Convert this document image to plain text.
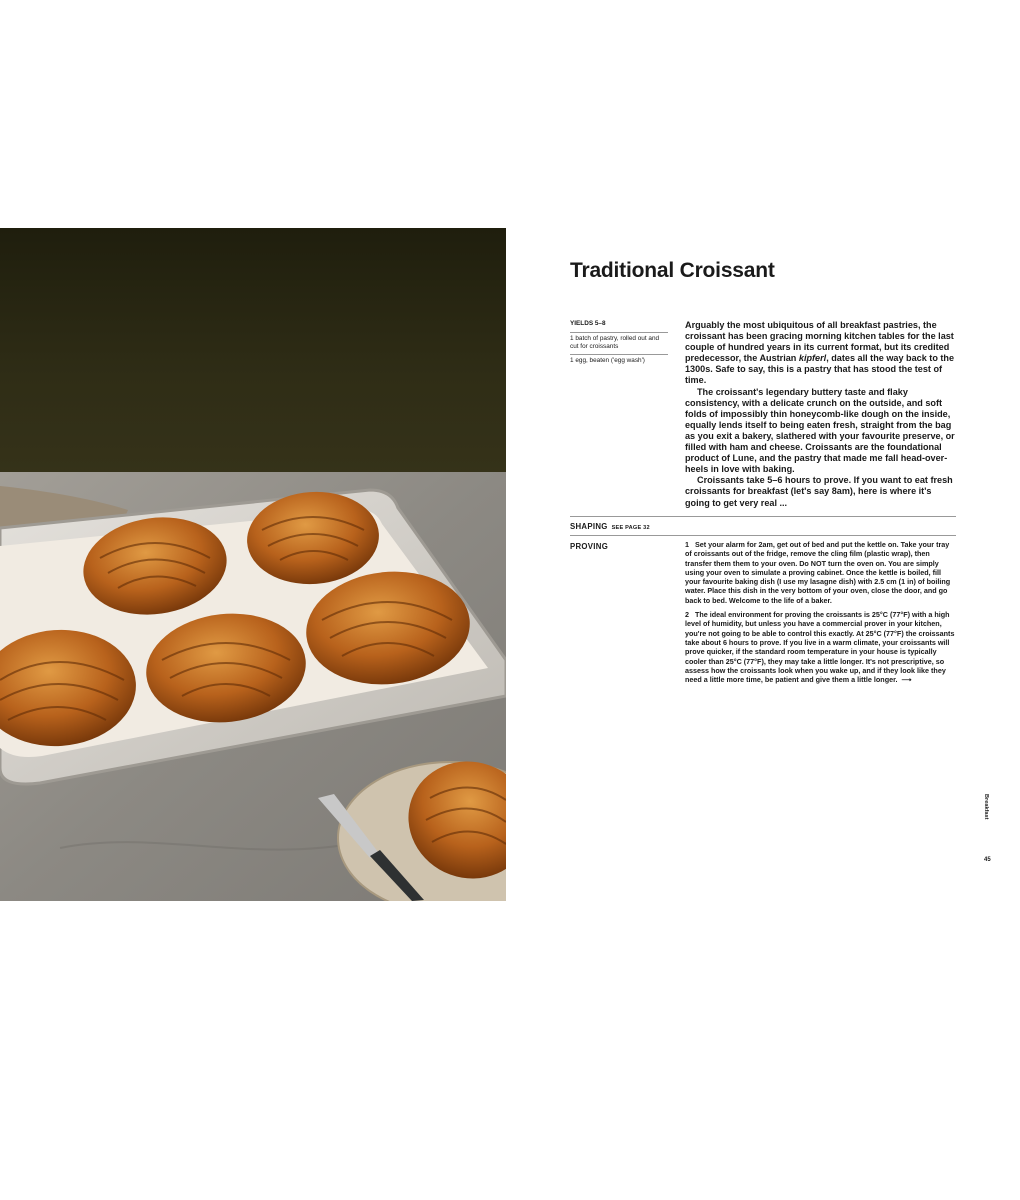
Traditional Croissant
YIELDS 5–8
1 batch of pastry, rolled out and cut for croissants
1 egg, beaten ('egg wash')

Arguably the most ubiquitous of all breakfast pastries, the croissant has been gracing morning kitchen tables for the last couple of hundred years in its current format, but its credited predecessor, the Austrian kipferl, dates all the way back to the 1300s. Safe to say, this is a pastry that has stood the test of time.

The croissant's legendary buttery taste and flaky consistency, with a delicate crunch on the outside, and soft folds of impossibly thin honeycomb-like dough on the inside, equally lends itself to being eaten fresh, straight from the bag as you exit a bakery, slathered with your favourite preserve, or filled with ham and cheese. Croissants are the foundational product of Lune, and the pastry that made me fall head-over-heels in love with baking.

Croissants take 5–6 hours to prove. If you want to eat fresh croissants for breakfast (let's say 8am), here is where it's going to get very real ...

SHAPING SEE PAGE 32
PROVING	1 Set your alarm for 2am, get out of bed and put the kettle on. Take your tray of croissants out of the fridge, remove the cling film (plastic wrap), then transfer them them to your oven. Do NOT turn the oven on. You are simply using your oven to simulate a proving cabinet. Once the kettle is boiled, fill your favourite baking dish (I use my lasagne dish) with 2.5 cm (1 in) of boiling water. Place this dish in the very bottom of your oven, close the door, and go back to bed. Welcome to the life of a baker.

2 The ideal environment for proving the croissants is 25°C (77°F) with a high level of humidity, but unless you have a commercial prover in your kitchen, you're not going to be able to control this exactly. At 25°C (77°F) the croissants take about 6 hours to prove. If you live in a warm climate, your croissants will prove quicker, if the standard room temperature in your house is typically cooler than 25°C (77°F), they may take a little longer. It's not prescriptive, so assess how the croissants look when you wake up, and if they look like they need a little more time, be patient and give them a little longer. ⟶

Breakfast
45
